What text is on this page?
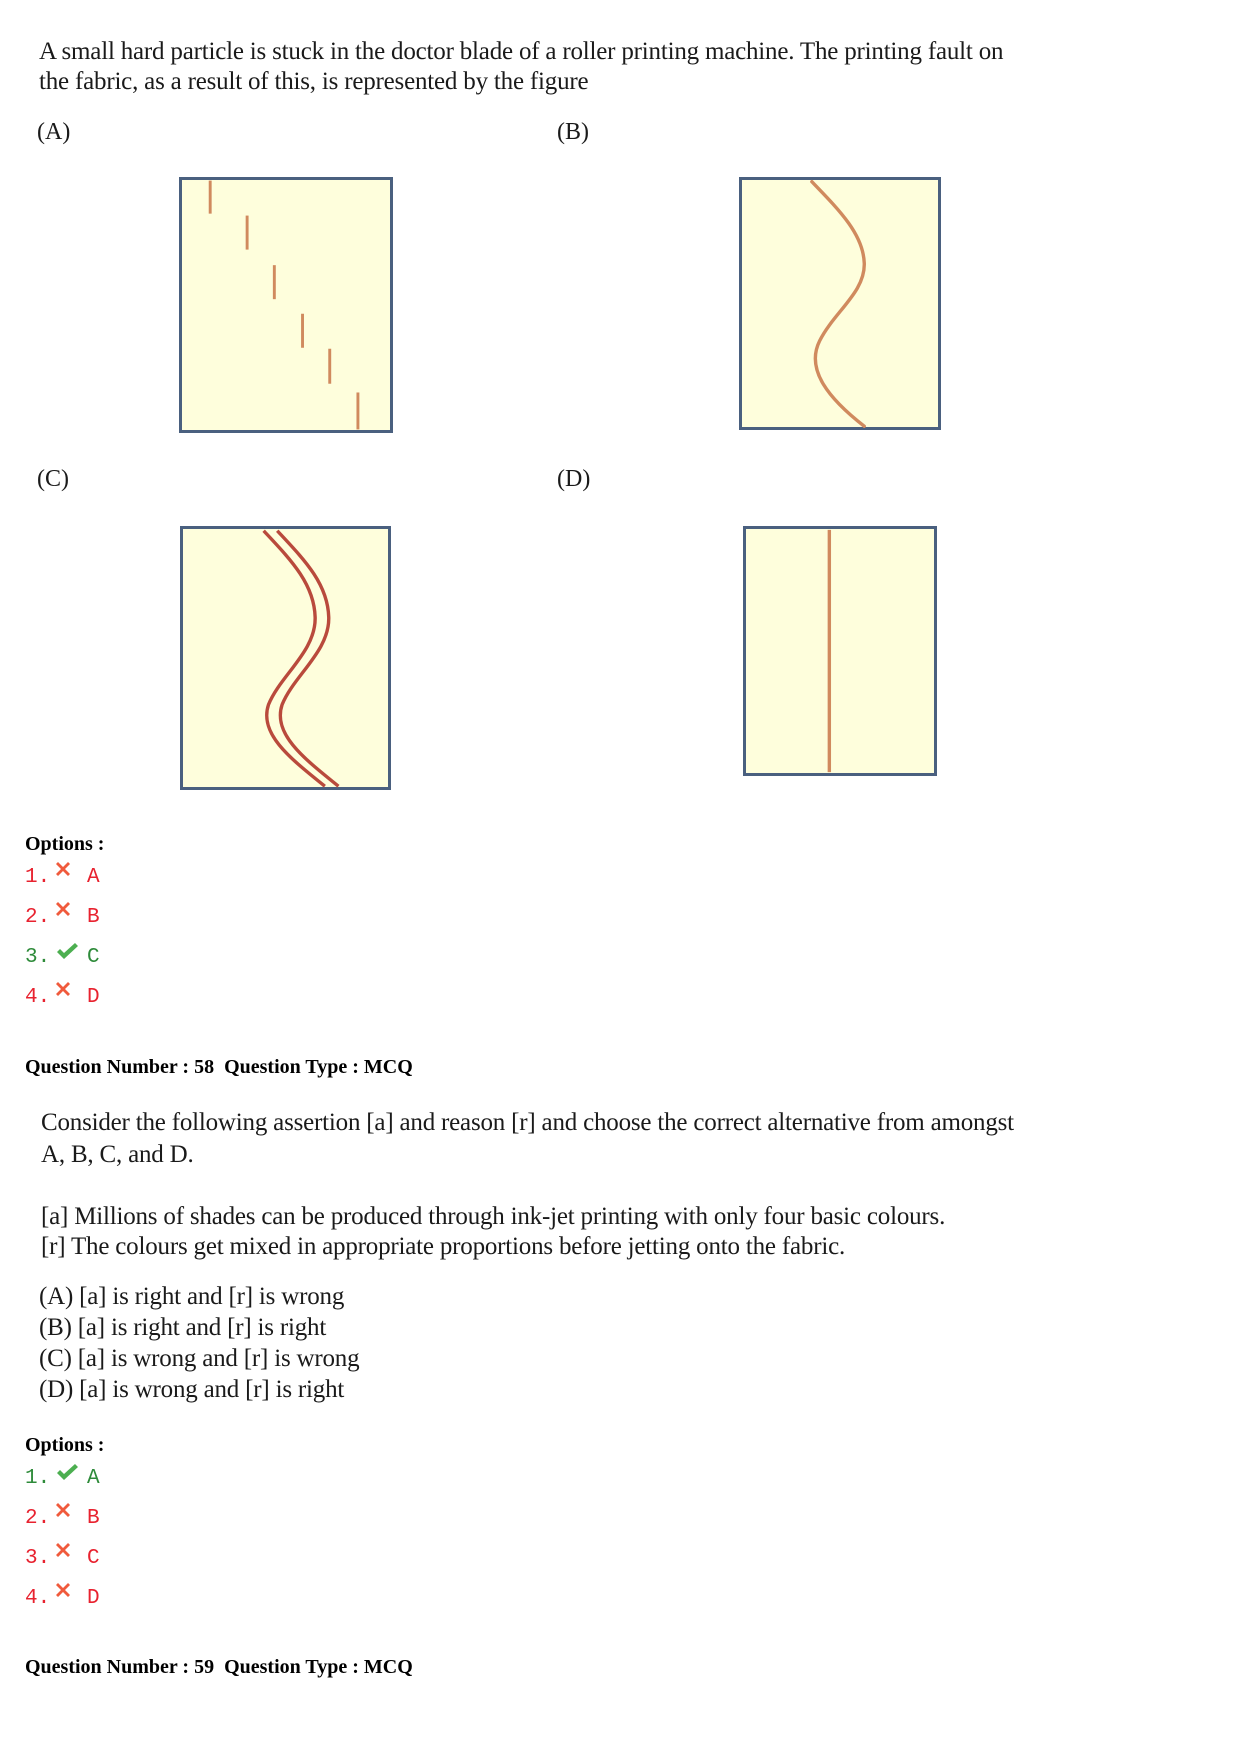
A small hard particle is stuck in the doctor blade of a roller printing machine. The printing fault on
the fabric, as a result of this, is represented by the figure
(A)	(B)
(C)	(D)
Options :
1. A
2. B
3. C
4. D
Question Number : 58  Question Type : MCQ
Consider the following assertion [a] and reason [r] and choose the correct alternative from amongst
A, B, C, and D.
[a] Millions of shades can be produced through ink-jet printing with only four basic colours.
[r] The colours get mixed in appropriate proportions before jetting onto the fabric.
(A) [a] is right and [r] is wrong
(B) [a] is right and [r] is right
(C) [a] is wrong and [r] is wrong
(D) [a] is wrong and [r] is right
Options :
1. A
2. B
3. C
4. D
Question Number : 59  Question Type : MCQ
